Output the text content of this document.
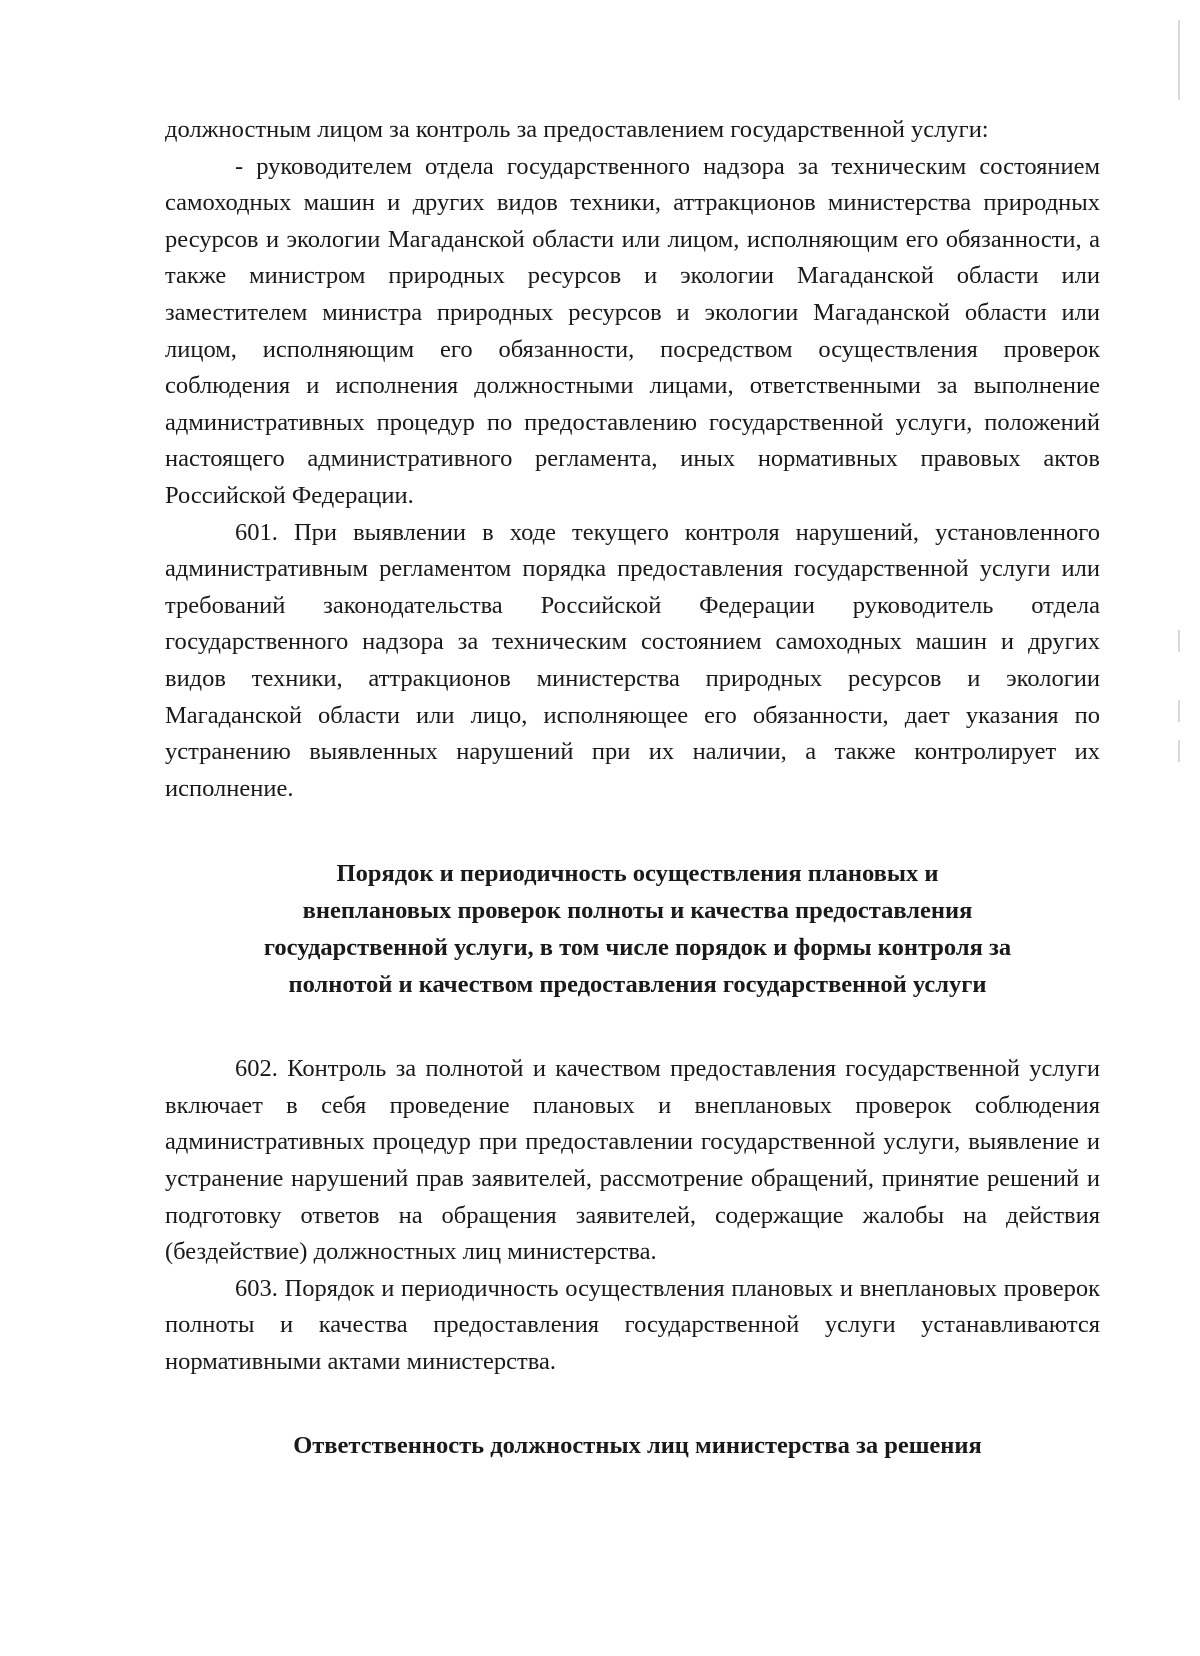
должностным лицом за контроль за предоставлением государственной услуги:

- руководителем отдела государственного надзора за техническим состоянием самоходных машин и других видов техники, аттракционов министерства природных ресурсов и экологии Магаданской области или лицом, исполняющим его обязанности, а также министром природных ресурсов и экологии Магаданской области или заместителем министра природных ресурсов и экологии Магаданской области или лицом, исполняющим его обязанности, посредством осуществления проверок соблюдения и исполнения должностными лицами, ответственными за выполнение административных процедур по предоставлению государственной услуги, положений настоящего административного регламента, иных нормативных правовых актов Российской Федерации.

601. При выявлении в ходе текущего контроля нарушений, установленного административным регламентом порядка предоставления государственной услуги или требований законодательства Российской Федерации руководитель отдела государственного надзора за техническим состоянием самоходных машин и других видов техники, аттракционов министерства природных ресурсов и экологии Магаданской области или лицо, исполняющее его обязанности, дает указания по устранению выявленных нарушений при их наличии, а также контролирует их исполнение.

Порядок и периодичность осуществления плановых и
внеплановых проверок полноты и качества предоставления
государственной услуги, в том числе порядок и формы контроля за
полнотой и качеством предоставления государственной услуги

602. Контроль за полнотой и качеством предоставления государственной услуги включает в себя проведение плановых и внеплановых проверок соблюдения административных процедур при предоставлении государственной услуги, выявление и устранение нарушений прав заявителей, рассмотрение обращений, принятие решений и подготовку ответов на обращения заявителей, содержащие жалобы на действия (бездействие) должностных лиц министерства.

603. Порядок и периодичность осуществления плановых и внеплановых проверок полноты и качества предоставления государственной услуги устанавливаются нормативными актами министерства.

Ответственность должностных лиц министерства за решения
